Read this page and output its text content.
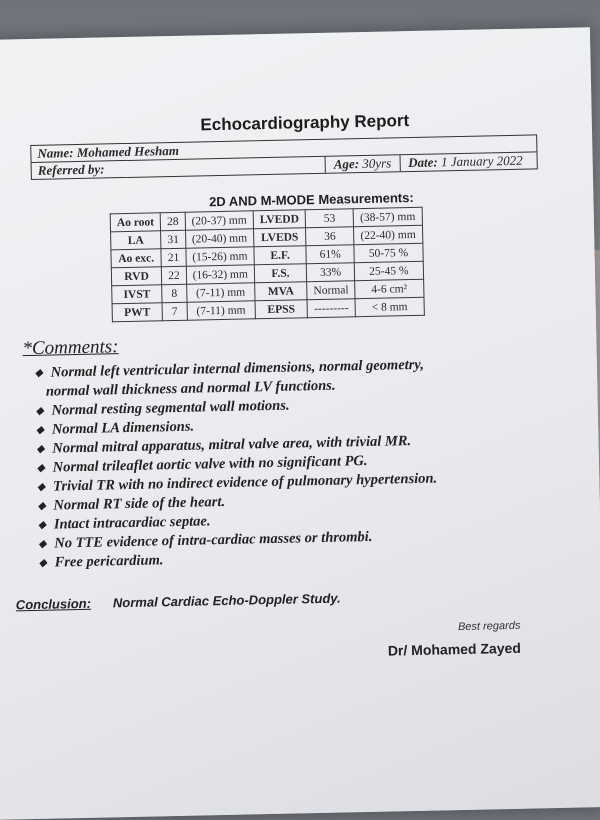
Echocardiography Report
Name:
Mohamed Hesham
Referred by:	Age: 30yrs	Date: 1 January 2022
2D AND M-MODE Measurements:
Ao root	28	(20-37) mm	LVEDD	53	(38-57) mm
LA	31	(20-40) mm	LVEDS	36	(22-40) mm
Ao exc.	21	(15-26) mm	E.F.	61%	50-75 %
RVD	22	(16-32) mm	F.S.	33%	25-45 %
IVST	8	(7-11) mm	MVA	Normal	4-6 cm²
PWT	7	(7-11) mm	EPSS	---------	< 8 mm
*Comments:
◆ Normal left ventricular internal dimensions, normal geometry,

normal wall thickness and normal LV functions.
◆ Normal resting segmental wall motions.
◆ Normal LA dimensions.
◆ Normal mitral apparatus, mitral valve area, with trivial MR.
◆ Normal trileaflet aortic valve with no significant PG.
◆ Trivial TR with no indirect evidence of pulmonary hypertension.
◆ Normal RT side of the heart.
◆ Intact intracardiac septae.
◆ No TTE evidence of intra-cardiac masses or thrombi.
◆ Free pericardium.
Conclusion: Normal Cardiac Echo-Doppler Study.
Best regards
Dr/ Mohamed Zayed
